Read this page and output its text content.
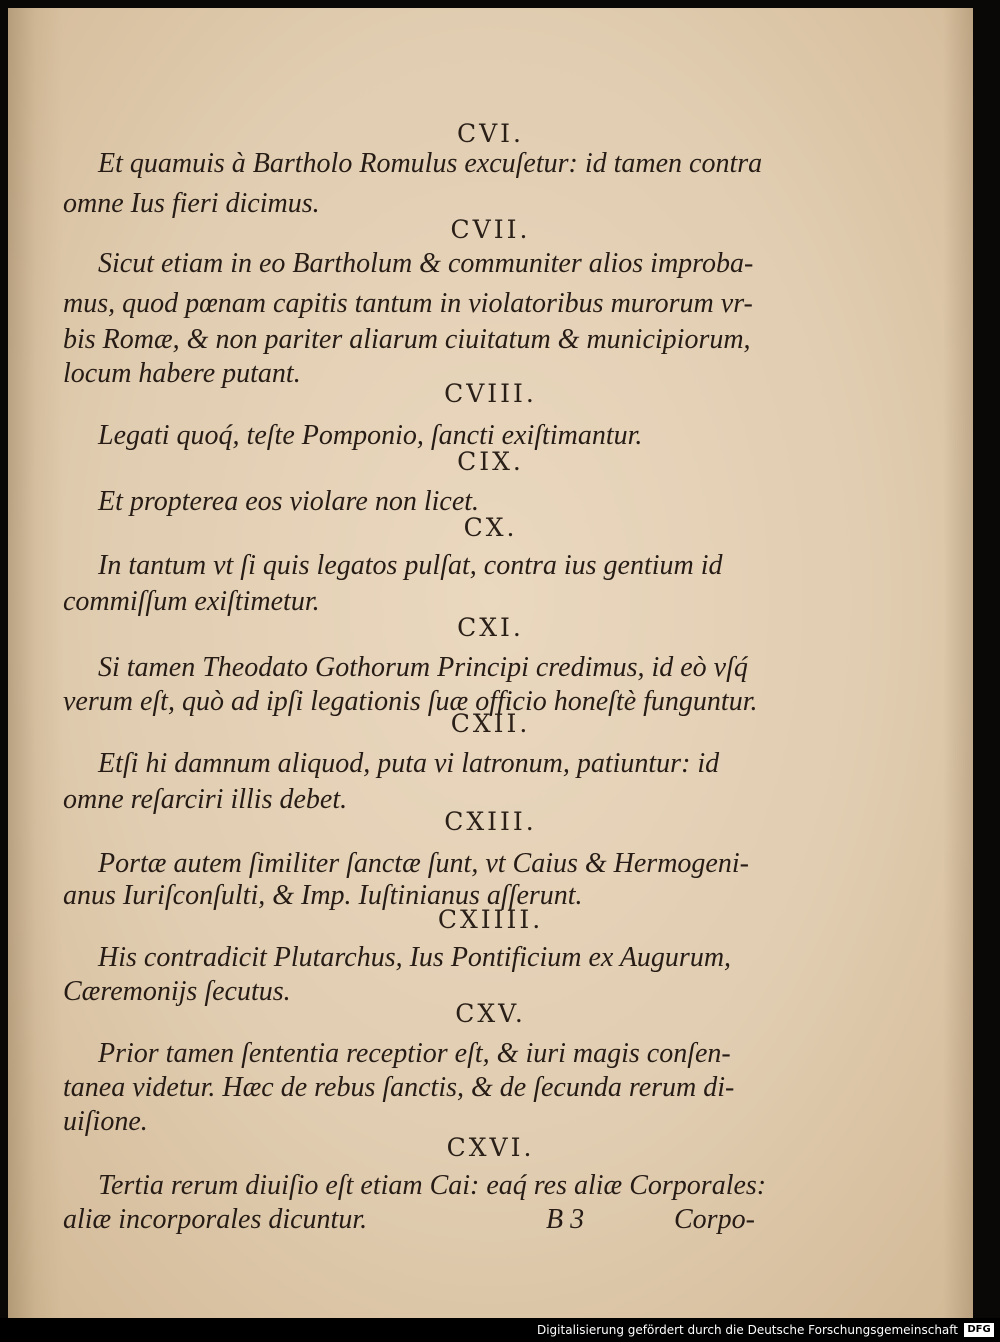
CVI.
Et quamuis à Bartholo Romulus excuſetur: id tamen contra
omne Ius fieri dicimus.
CVII.
Sicut etiam in eo Bartholum & communiter alios improba-
mus, quod pœnam capitis tantum in violatoribus murorum vr-
bis Romæ, & non pariter aliarum ciuitatum & municipiorum,
locum habere putant.
CVIII.
Legati quoq́, teſte Pomponio, ſancti exiſtimantur.
CIX.
Et propterea eos violare non licet.
CX.
In tantum vt ſi quis legatos pulſat, contra ius gentium id
commiſſum exiſtimetur.
CXI.
Si tamen Theodato Gothorum Principi credimus, id eò vſq́
verum eſt, quò ad ipſi legationis ſuæ officio honeſtè funguntur.
CXII.
Etſi hi damnum aliquod, puta vi latronum, patiuntur: id
omne reſarciri illis debet.
CXIII.
Portæ autem ſimiliter ſanctæ ſunt, vt Caius & Hermogeni-
anus Iuriſconſulti, & Imp. Iuſtinianus aſſerunt.
CXIIII.
His contradicit Plutarchus, Ius Pontificium ex Augurum,
Cæremonijs ſecutus.
CXV.
Prior tamen ſententia receptior eſt, & iuri magis conſen-
tanea videtur. Hæc de rebus ſanctis, & de ſecunda rerum di-
uiſione.
CXVI.
Tertia rerum diuiſio eſt etiam Cai: eaq́ res aliæ Corporales:
aliæ incorporales dicuntur.	B 3	Corpo-
Digitalisierung gefördert durch die Deutsche Forschungsgemeinschaft DFG
